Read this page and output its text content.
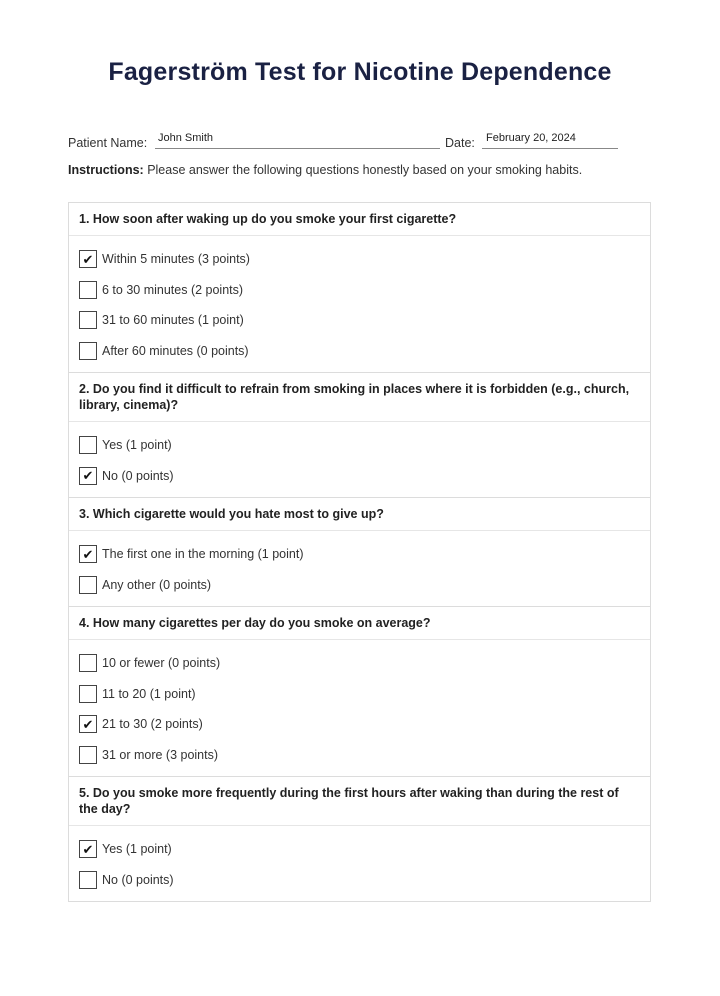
Fagerström Test for Nicotine Dependence
Patient Name: John Smith	Date: February 20, 2024
Instructions: Please answer the following questions honestly based on your smoking habits.
1. How soon after waking up do you smoke your first cigarette?
✔ Within 5 minutes (3 points)
6 to 30 minutes (2 points)
31 to 60 minutes (1 point)
After 60 minutes (0 points)
2. Do you find it difficult to refrain from smoking in places where it is forbidden (e.g., church, library, cinema)?
Yes (1 point)
✔ No (0 points)
3. Which cigarette would you hate most to give up?
✔ The first one in the morning (1 point)
Any other (0 points)
4. How many cigarettes per day do you smoke on average?
10 or fewer (0 points)
11 to 20 (1 point)
✔ 21 to 30 (2 points)
31 or more (3 points)
5. Do you smoke more frequently during the first hours after waking than during the rest of the day?
✔ Yes (1 point)
No (0 points)
